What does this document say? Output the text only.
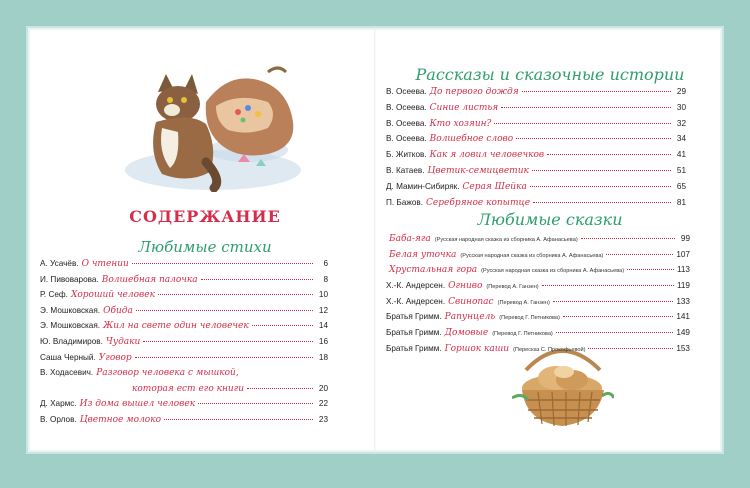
СОДЕРЖАНИЕ
Любимые стихи
Рассказы и сказочные истории
Любимые сказки
А. Усачёв. О чтении	6
И. Пивоварова. Волшебная палочка	8
Р. Сеф. Хороший человек	10
Э. Мошковская. Обида	12
Э. Мошковская. Жил на свете один человечек	14
Ю. Владимиров. Чудаки	16
Саша Черный. Уговор	18
В. Ходасевич. Разговор человека с мышкой,
которая ест его книги	20
Д. Хармс. Из дома вышел человек	22
В. Орлов. Цветное молоко	23
В. Осеева. До первого дождя	29
В. Осеева. Синие листья	30
В. Осеева. Кто хозяин?	32
В. Осеева. Волшебное слово	34
Б. Житков. Как я ловил человечков	41
В. Катаев. Цветик-семицветик	51
Д. Мамин-Сибиряк. Серая Шейка	65
П. Бажов. Серебряное копытце	81
Баба-яга (Русская народная сказка из сборника А. Афанасьева)	99
Белая уточка (Русская народная сказка из сборника А. Афанасьева)	107
Хрустальная гора (Русская народная сказка из сборника А. Афанасьева)	113
Х.-К. Андерсен. Огниво (Перевод А. Ганзен)	119
Х.-К. Андерсен. Свинопас (Перевод А. Ганзен)	133
Братья Гримм. Рапунцель (Перевод Г. Петникова)	141
Братья Гримм. Домовые (Перевод Г. Петникова)	149
Братья Гримм. Горшок каши (Пересказ С. Прокофьевой)	153
